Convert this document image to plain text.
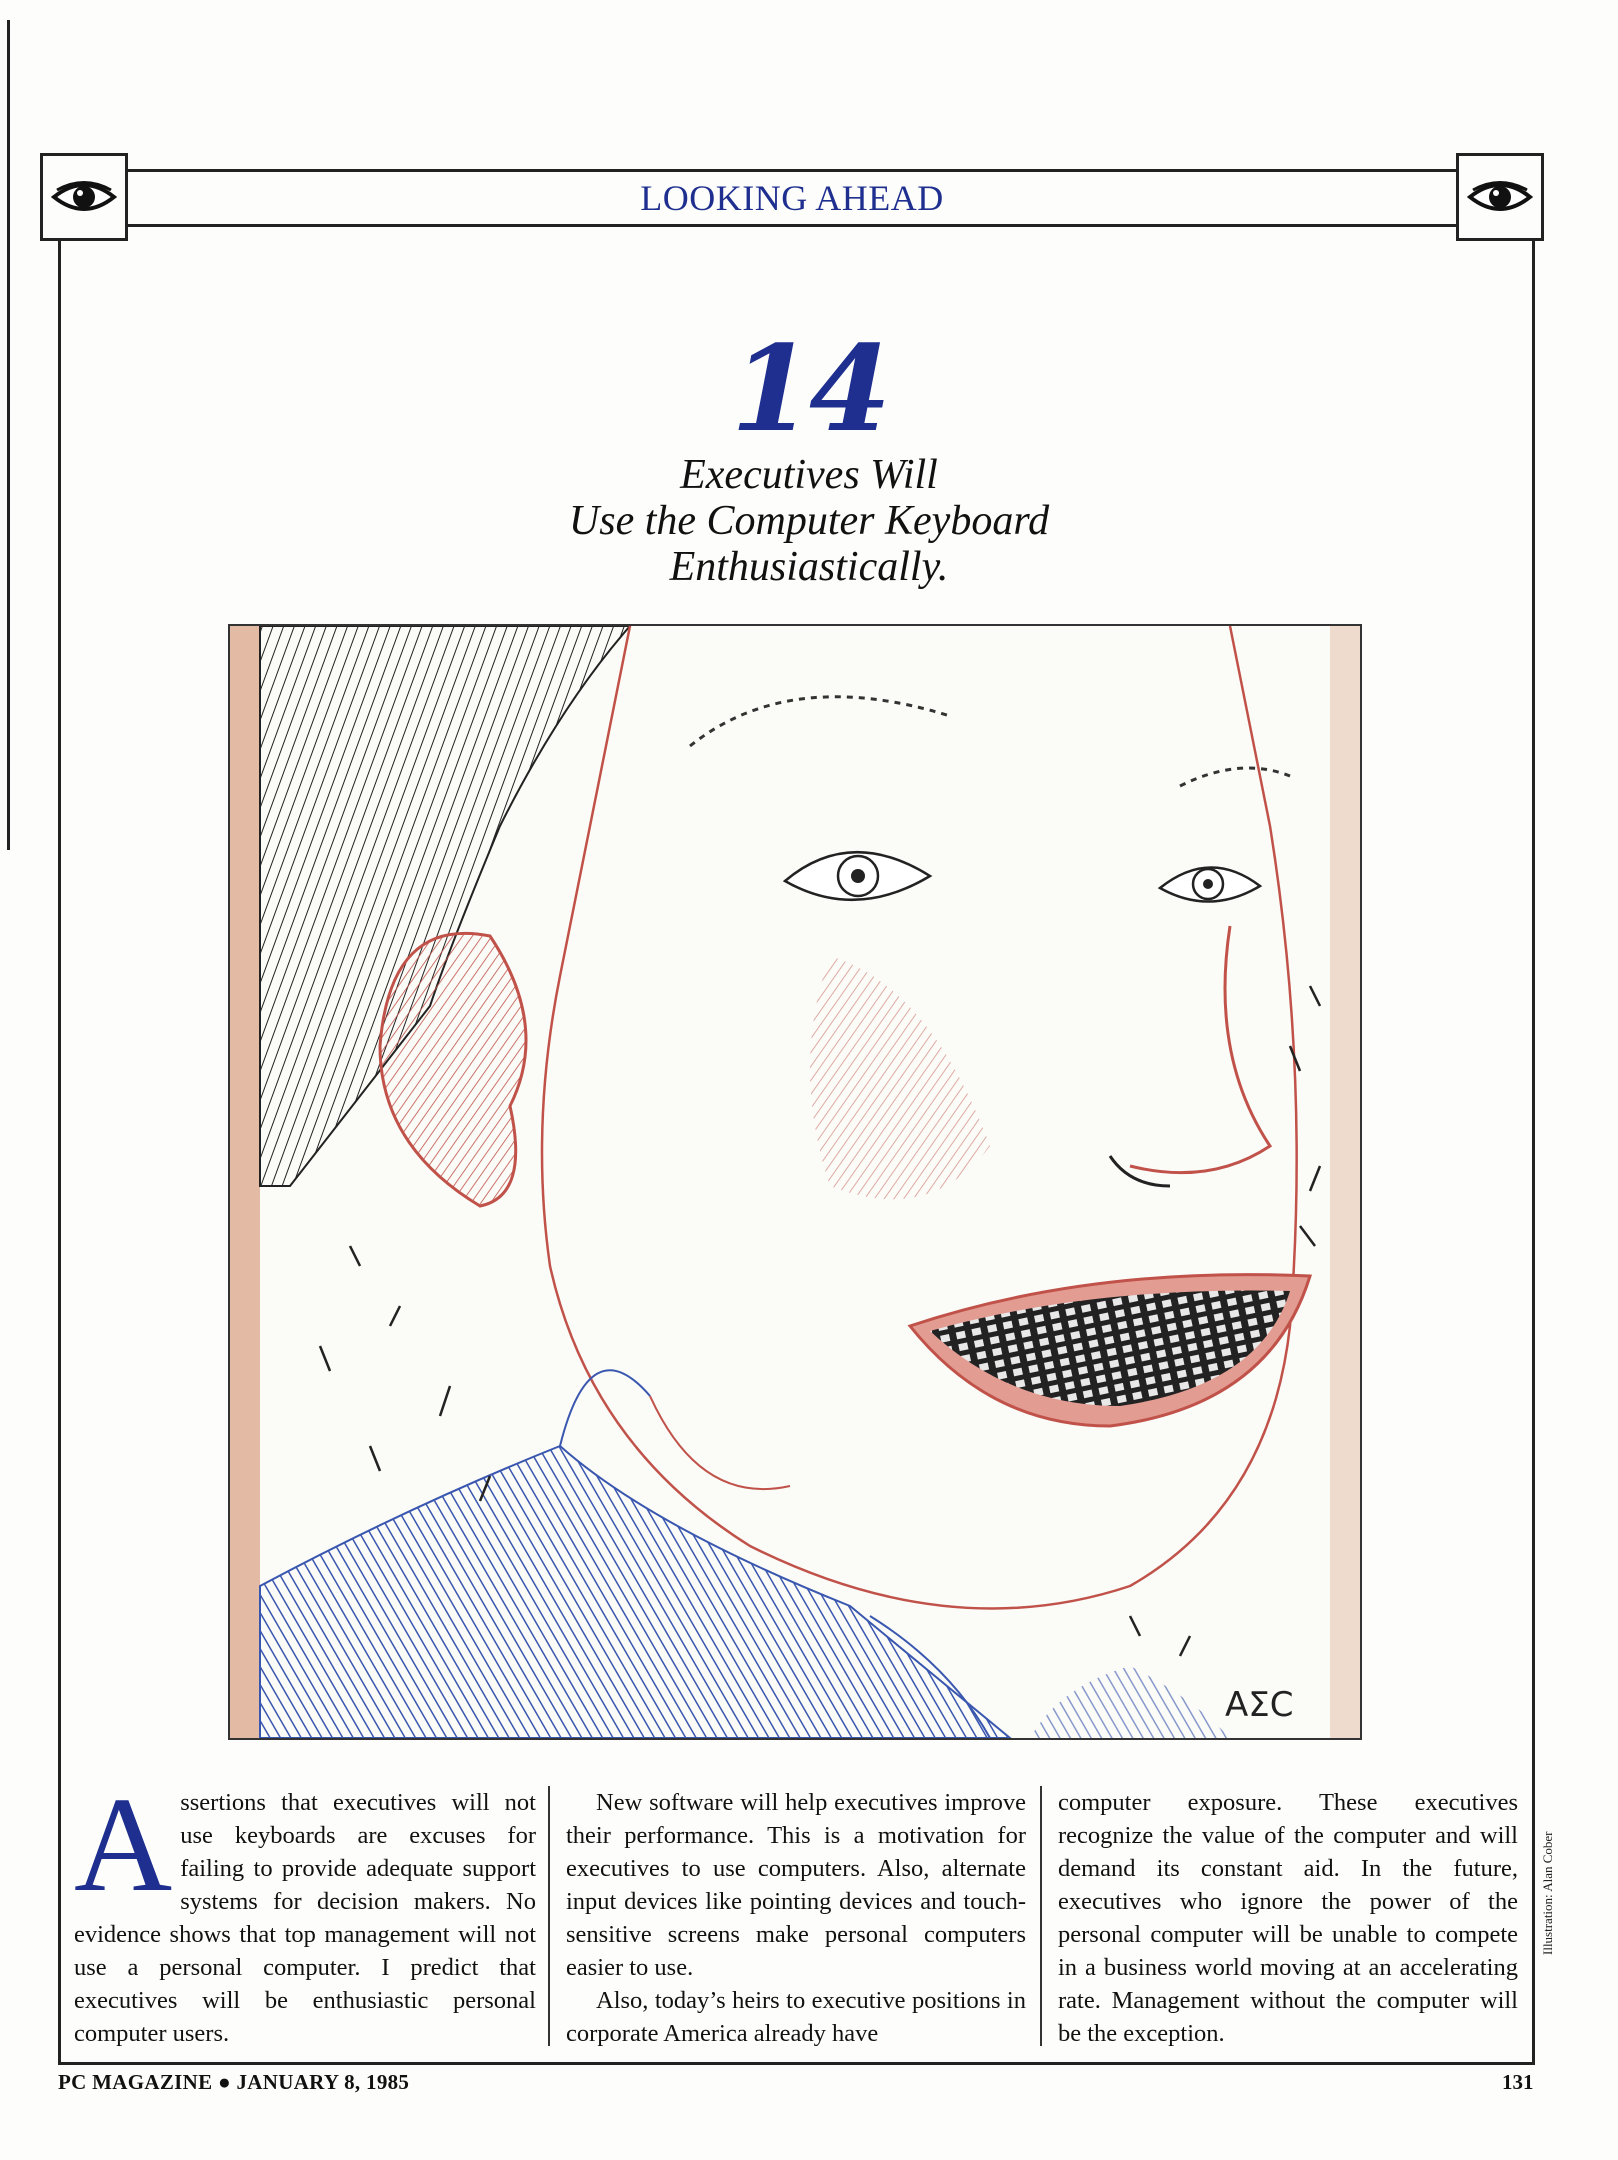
LOOKING AHEAD
14
Executives Will
Use the Computer Keyboard
Enthusiastically.
AΣC

Assertions that executives will not use keyboards are excuses for failing to provide adequate support systems for decision makers. No evidence shows that top management will not use a personal computer. I predict that executives will be enthusiastic personal computer users.

New software will help executives improve their performance. This is a motivation for executives to use computers. Also, alternate input devices like pointing devices and touch-sensitive screens make personal computers easier to use.

Also, today’s heirs to executive positions in corporate America already have

computer exposure. These executives recognize the value of the computer and will demand its constant aid. In the future, executives who ignore the power of the personal computer will be unable to compete in a business world moving at an accelerating rate. Management without the computer will be the exception.

Illustration: Alan Cober
PC MAGAZINE ● JANUARY 8, 1985	131
